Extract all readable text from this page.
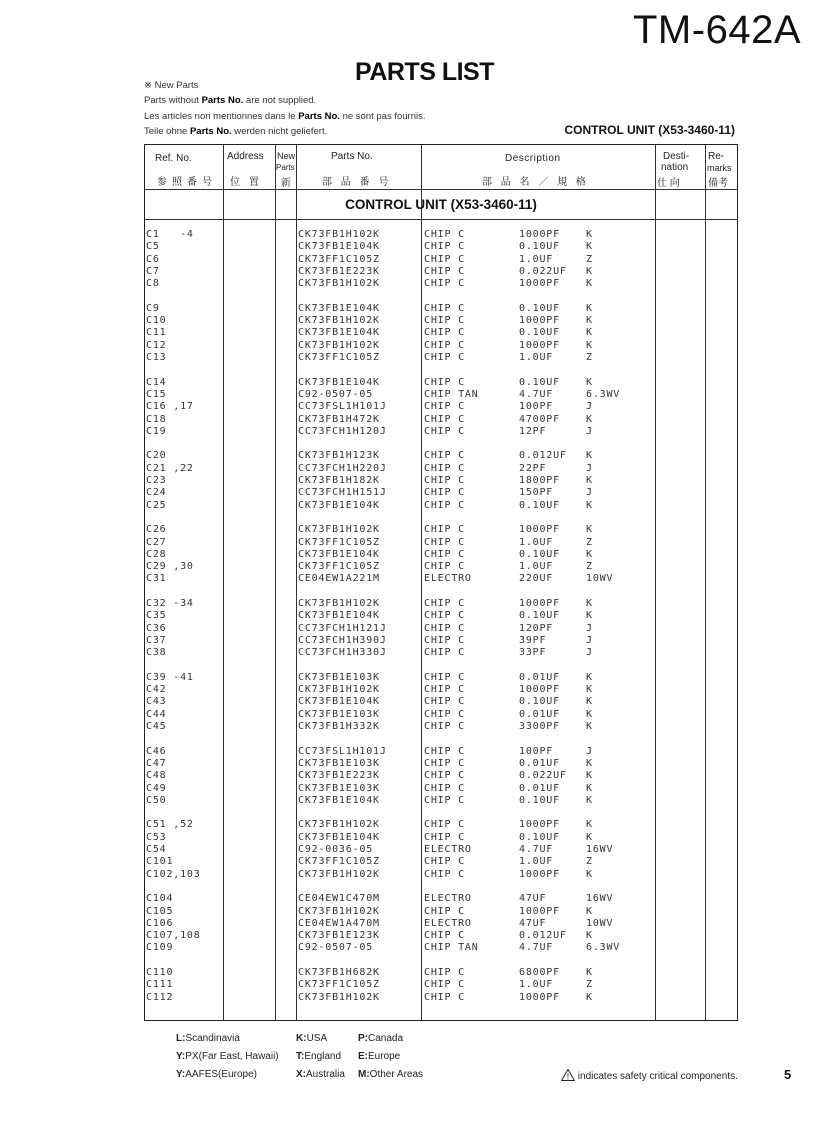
TM-642A
PARTS LIST
※ New Parts
Parts without Parts No. are not supplied.
Les articles non mentionnes dans le Parts No. ne sont pas fournis.
Teile ohne Parts No. werden nicht geliefert.	CONTROL UNIT (X53-3460-11)
Ref. No.
参照番号
Address
位 置
New
Parts
新
Parts No.
部 品 番 号
Description
部 品 名 ／ 規 格
Desti-
nation
仕 向
Re-
marks
備考
CONTROL UNIT (X53-3460-11)
C1   -4	CK73FB1H102K	CHIP C	1000PF	K
C5	CK73FB1E104K	CHIP C	0.10UF	K
C6	CK73FF1C105Z	CHIP C	1.0UF	Z
C7	CK73FB1E223K	CHIP C	0.022UF K
C8	CK73FB1H102K	CHIP C	1000PF	K
C9	CK73FB1E104K	CHIP C	0.10UF	K
C10	CK73FB1H102K	CHIP C	1000PF	K
C11	CK73FB1E104K	CHIP C	0.10UF	K
C12	CK73FB1H102K	CHIP C	1000PF	K
C13	CK73FF1C105Z	CHIP C	1.0UF	Z
C14	CK73FB1E104K	CHIP C	0.10UF	K
C15	C92-0507-05	CHIP TAN	4.7UF	6.3WV
C16 ,17	CC73FSL1H101J	CHIP C	100PF	J
C18	CK73FB1H472K	CHIP C	4700PF	K
C19	CC73FCH1H120J	CHIP C	12PF	J
C20	CK73FB1H123K	CHIP C	0.012UF K
C21 ,22	CC73FCH1H220J	CHIP C	22PF	J
C23	CK73FB1H182K	CHIP C	1800PF	K
C24	CC73FCH1H151J	CHIP C	150PF	J
C25	CK73FB1E104K	CHIP C	0.10UF	K
C26	CK73FB1H102K	CHIP C	1000PF	K
C27	CK73FF1C105Z	CHIP C	1.0UF	Z
C28	CK73FB1E104K	CHIP C	0.10UF	K
C29 ,30	CK73FF1C105Z	CHIP C	1.0UF	Z
C31	CE04EW1A221M	ELECTRO	220UF	10WV
C32 -34	CK73FB1H102K	CHIP C	1000PF	K
C35	CK73FB1E104K	CHIP C	0.10UF	K
C36	CC73FCH1H121J	CHIP C	120PF	J
C37	CC73FCH1H390J	CHIP C	39PF	J
C38	CC73FCH1H330J	CHIP C	33PF	J
C39 -41	CK73FB1E103K	CHIP C	0.01UF	K
C42	CK73FB1H102K	CHIP C	1000PF	K
C43	CK73FB1E104K	CHIP C	0.10UF	K
C44	CK73FB1E103K	CHIP C	0.01UF	K
C45	CK73FB1H332K	CHIP C	3300PF	K
C46	CC73FSL1H101J	CHIP C	100PF	J
C47	CK73FB1E103K	CHIP C	0.01UF	K
C48	CK73FB1E223K	CHIP C	0.022UF K
C49	CK73FB1E103K	CHIP C	0.01UF	K
C50	CK73FB1E104K	CHIP C	0.10UF	K
C51 ,52	CK73FB1H102K	CHIP C	1000PF	K
C53	CK73FB1E104K	CHIP C	0.10UF	K
C54	C92-0036-05	ELECTRO	4.7UF	16WV
C101	CK73FF1C105Z	CHIP C	1.0UF	Z
C102,103	CK73FB1H102K	CHIP C	1000PF	K
C104	CE04EW1C470M	ELECTRO	47UF	16WV
C105	CK73FB1H102K	CHIP C	1000PF	K
C106	CE04EW1A470M	ELECTRO	47UF	10WV
C107,108	CK73FB1E123K	CHIP C	0.012UF K
C109	C92-0507-05	CHIP TAN	4.7UF	6.3WV
C110	CK73FB1H682K	CHIP C	6800PF	K
C111	CK73FF1C105Z	CHIP C	1.0UF	Z
C112	CK73FB1H102K	CHIP C	1000PF	K
L:Scandinavia	K:USA	P:Canada
Y:PX(Far East, Hawaii) T:England E:Europe
Y:AAFES(Europe)	X:Australia M:Other Areas	! indicates safety critical components.	5
